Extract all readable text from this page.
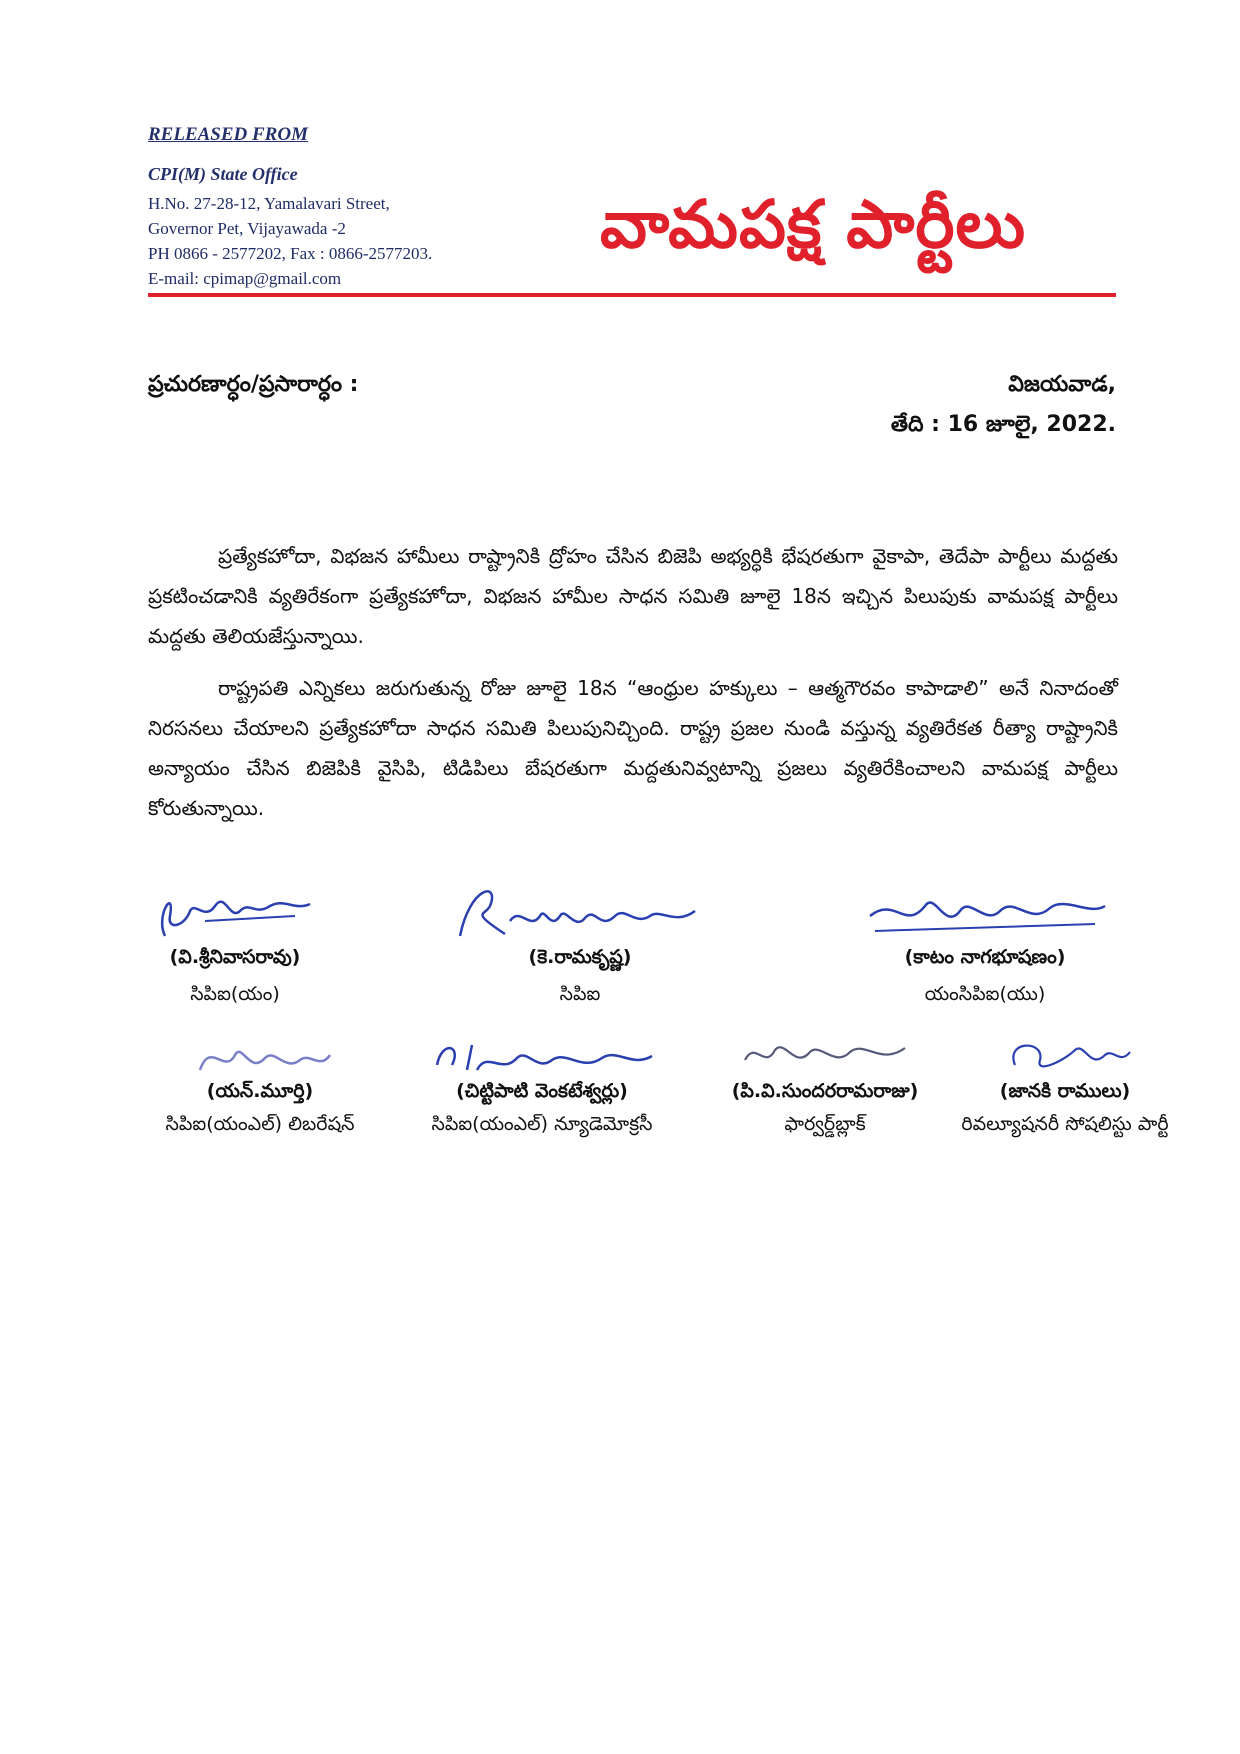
RELEASED FROM
CPI(M) State Office
H.No. 27-28-12, Yamalavari Street,
Governor Pet, Vijayawada -2
PH 0866 - 2577202, Fax : 0866-2577203.
E-mail: cpimap@gmail.com
వామపక్ష పార్టీలు
ప్రచురణార్ధం/ప్రసారార్ధం :	విజయవాడ,
తేది : 16 జూలై, 2022.

ప్రత్యేకహోదా, విభజన హామీలు రాష్ట్రానికి ద్రోహం చేసిన బిజెపి అభ్యర్ధికి భేషరతుగా వైకాపా, తెదేపా పార్టీలు మద్దతు ప్రకటించడానికి వ్యతిరేకంగా ప్రత్యేకహోదా, విభజన హామీల సాధన సమితి జూలై 18న ఇచ్చిన పిలుపుకు వామపక్ష పార్టీలు మద్దతు తెలియజేస్తున్నాయి.

రాష్ట్రపతి ఎన్నికలు జరుగుతున్న రోజు జూలై 18న “ఆంధ్రుల హక్కులు – ఆత్మగౌరవం కాపాడాలి” అనే నినాదంతో నిరసనలు చేయాలని ప్రత్యేకహోదా సాధన సమితి పిలుపునిచ్చింది. రాష్ట్ర ప్రజల నుండి వస్తున్న వ్యతిరేకత రీత్యా రాష్ట్రానికి అన్యాయం చేసిన బిజెపికి వైసిపి, టిడిపిలు బేషరతుగా మద్దతునివ్వటాన్ని ప్రజలు వ్యతిరేకించాలని వామపక్ష పార్టీలు కోరుతున్నాయి.

(వి.శ్రీనివాసరావు)
సిపిఐ(యం)
(కె.రామకృష్ణ)
సిపిఐ
(కాటం నాగభూషణం)
యంసిపిఐ(యు)
(యన్.మూర్తి)
సిపిఐ(యంఎల్) లిబరేషన్
(చిట్టిపాటి వెంకటేశ్వర్లు)
సిపిఐ(యంఎల్) న్యూడెమోక్రసీ
(పి.వి.సుందరరామరాజు)
ఫార్వర్డ్‌బ్లాక్
(జానకి రాములు)
రివల్యూషనరీ సోషలిస్టు పార్టీ
